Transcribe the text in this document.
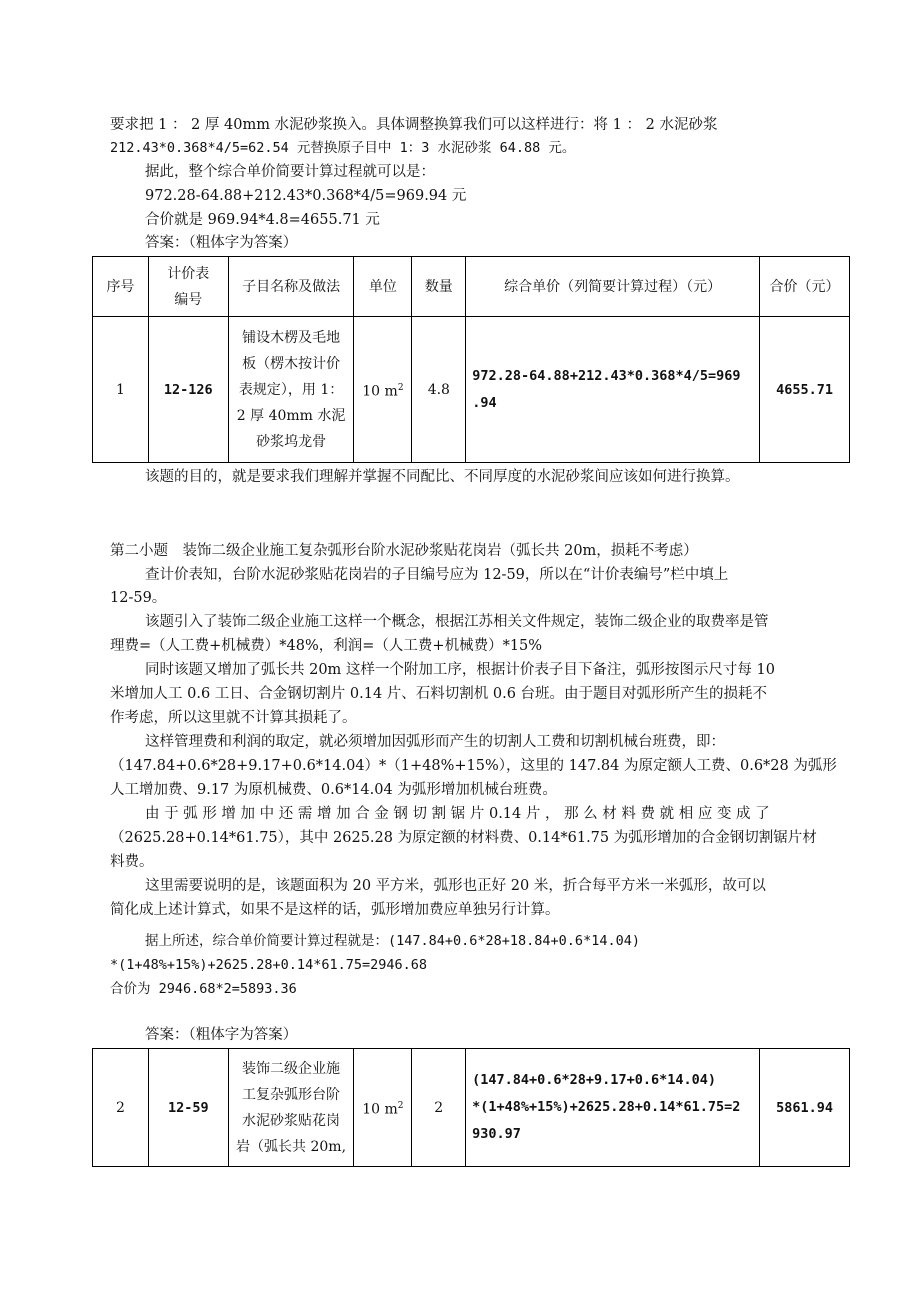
要求把 1 ： 2 厚 40mm 水泥砂浆换入。具体调整换算我们可以这样进行：将 1 ： 2 水泥砂浆
212.43*0.368*4/5=62.54 元替换原子目中 1：3 水泥砂浆 64.88 元。
据此，整个综合单价简要计算过程就可以是：
972.28-64.88+212.43*0.368*4/5=969.94 元
合价就是 969.94*4.8=4655.71 元
答案：（粗体字为答案）
序号	计价表
编号	子目名称及做法	单位	数量	综合单价（列简要计算过程）（元）	合价（元）
1	12-126	铺设木楞及毛地
板（楞木按计价
表规定），用 1：
2 厚 40mm 水泥
砂浆坞龙骨	10 $m^2$	4.8	972.28-64.88+212.43*0.368*4/5=969
.94	4655.71
该题的目的，就是要求我们理解并掌握不同配比、不同厚度的水泥砂浆间应该如何进行换算。
第二小题　装饰二级企业施工复杂弧形台阶水泥砂浆贴花岗岩（弧长共 20m，损耗不考虑）
查计价表知，台阶水泥砂浆贴花岗岩的子目编号应为 12-59，所以在“计价表编号”栏中填上
12-59。
该题引入了装饰二级企业施工这样一个概念，根据江苏相关文件规定，装饰二级企业的取费率是管
理费=（人工费+机械费）*48%，利润=（人工费+机械费）*15%
同时该题又增加了弧长共 20m 这样一个附加工序，根据计价表子目下备注，弧形按图示尺寸每 10
米增加人工 0.6 工日、合金钢切割片 0.14 片、石料切割机 0.6 台班。由于题目对弧形所产生的损耗不
作考虑，所以这里就不计算其损耗了。
这样管理费和利润的取定，就必须增加因弧形而产生的切割人工费和切割机械台班费，即：
（147.84+0.6*28+9.17+0.6*14.04）*（1+48%+15%），这里的 147.84 为原定额人工费、0.6*28 为弧形
人工增加费、9.17 为原机械费、0.6*14.04 为弧形增加机械台班费。
由 于 弧 形 增 加 中 还 需 增 加 合 金 钢 切 割 锯 片 0.14 片 ， 那 么 材 料 费 就 相 应 变 成 了
（2625.28+0.14*61.75），其中 2625.28 为原定额的材料费、0.14*61.75 为弧形增加的合金钢切割锯片材
料费。
这里需要说明的是，该题面积为 20 平方米，弧形也正好 20 米，折合每平方米一米弧形，故可以
简化成上述计算式，如果不是这样的话，弧形增加费应单独另行计算。
据上所述，综合单价简要计算过程就是：(147.84+0.6*28+18.84+0.6*14.04)
*(1+48%+15%)+2625.28+0.14*61.75=2946.68
合价为 2946.68*2=5893.36
答案：（粗体字为答案）
2	12-59	装饰二级企业施
工复杂弧形台阶
水泥砂浆贴花岗
岩（弧长共 20m,	10 $m^2$	2	(147.84+0.6*28+9.17+0.6*14.04)
*(1+48%+15%)+2625.28+0.14*61.75=2
930.97	5861.94
